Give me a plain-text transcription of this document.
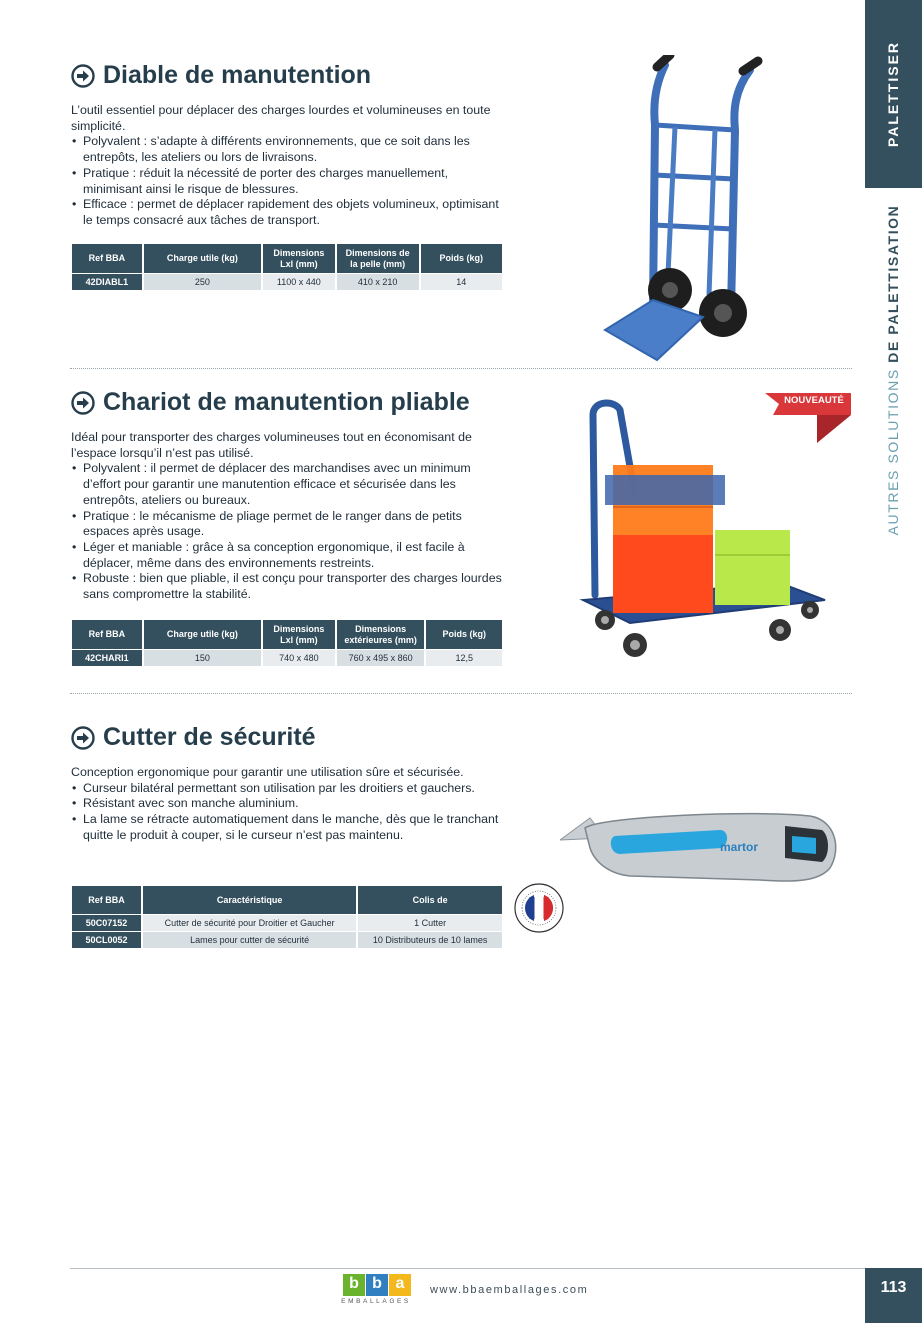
PALETTISER
AUTRES SOLUTIONS DE PALETTISATION
Diable de manutention

L’outil essentiel pour déplacer des charges lourdes et volumineuses en toute simplicité.

• Polyvalent : s’adapte à différents environnements, que ce soit dans les entrepôts, les ateliers ou lors de livraisons.
• Pratique : réduit la nécessité de porter des charges manuellement, minimisant ainsi le risque de blessures.
• Efficace : permet de déplacer rapidement des objets volumineux, optimisant le temps consacré aux tâches de transport.
Ref BBA	Charge utile (kg)	Dimensions Lxl (mm)	Dimensions de la pelle (mm)	Poids (kg)
42DIABL1	250	1100 x 440	410 x 210	14
Chariot de manutention pliable

Idéal pour transporter des charges volumineuses tout en économisant de l’espace lorsqu’il n’est pas utilisé.

• Polyvalent : il permet de déplacer des marchandises avec un minimum d’effort pour garantir une manutention efficace et sécurisée dans les entrepôts, ateliers ou bureaux.
• Pratique : le mécanisme de pliage permet de le ranger dans de petits espaces après usage.
• Léger et maniable : grâce à sa conception ergonomique, il est facile à déplacer, même dans des environnements restreints.
• Robuste : bien que pliable, il est conçu pour transporter des charges lourdes sans compromettre la stabilité.
Ref BBA	Charge utile (kg)	Dimensions Lxl (mm)	Dimensions extérieures (mm)	Poids (kg)
42CHARI1	150	740 x 480	760 x 495 x 860	12,5
NOUVEAUTÉ
Cutter de sécurité

Conception ergonomique pour garantir une utilisation sûre et sécurisée.

• Curseur bilatéral permettant son utilisation par les droitiers et gauchers.
• Résistant avec son manche aluminium.
• La lame se rétracte automatiquement dans le manche, dès que le tranchant quitte le produit à couper, si le curseur n’est pas maintenu.
Ref BBA	Caractéristique	Colis de
50C07152	Cutter de sécurité pour Droitier et Gaucher	1 Cutter
50CL0052	Lames pour cutter de sécurité	10 Distributeurs de 10 lames
martor
b b a
EMBALLAGES
www.bbaemballages.com	113
